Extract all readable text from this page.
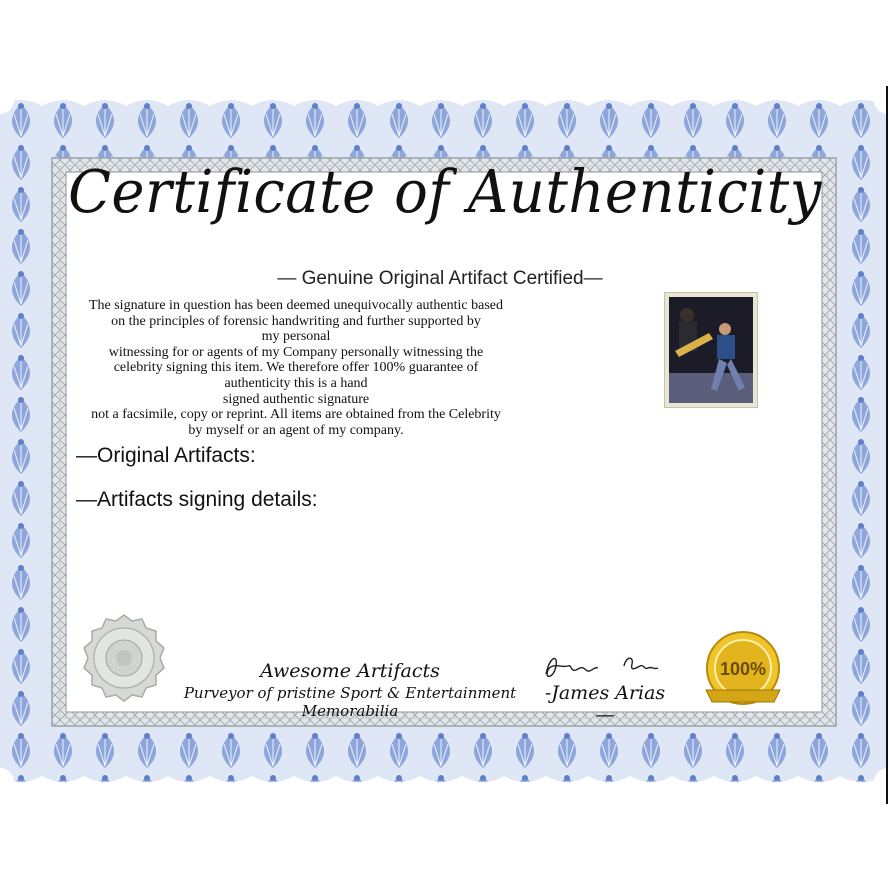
Certificate of Authenticity
— Genuine Original Artifact Certified—
The signature in question has been deemed unequivocally authentic based
on the principles of forensic handwriting and further supported by
my personal
witnessing for or agents of my Company personally witnessing the
celebrity signing this item. We therefore offer 100% guarantee of
authenticity this is a hand
signed authentic signature
not a facsimile, copy or reprint. All items are obtained from the Celebrity
by myself or an agent of my company.
—Original Artifacts:
—Artifacts signing details:
Awesome Artifacts
Purveyor of pristine Sport & Entertainment Memorabilia
-James Arias—
100%
